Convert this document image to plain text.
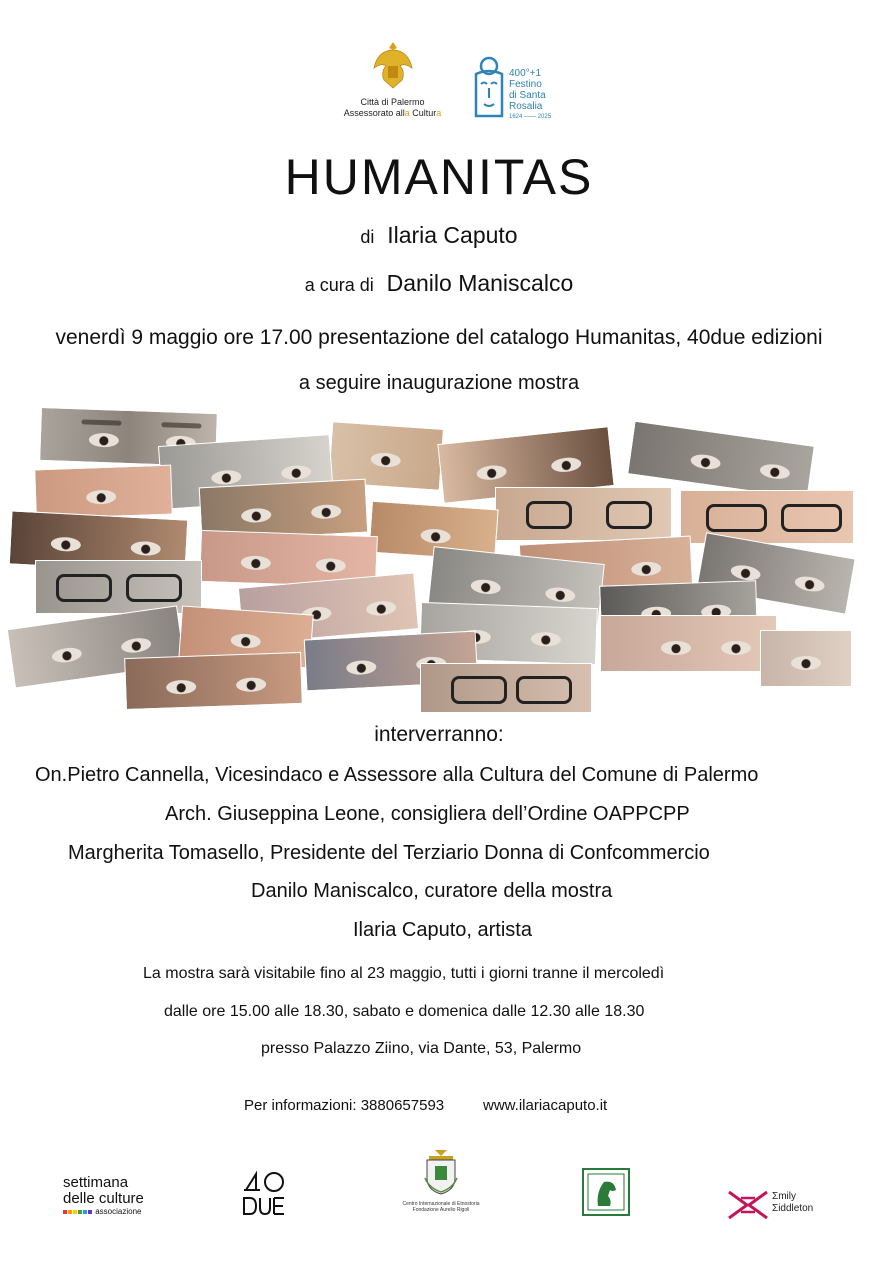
Città di Palermo
Assessorato alla Cultura
400°+1
Festino
di Santa
Rosalia
1624 —— 2025
HUMANITAS
di Ilaria Caputo
a cura di Danilo Maniscalco
venerdì 9 maggio ore 17.00 presentazione del catalogo Humanitas, 40due edizioni
a seguire inaugurazione mostra
interverranno:
On.Pietro Cannella, Vicesindaco e Assessore alla Cultura del Comune di Palermo
Arch. Giuseppina Leone, consigliera dell’Ordine OAPPCPP
Margherita Tomasello, Presidente del Terziario Donna di Confcommercio
Danilo Maniscalco, curatore della mostra
Ilaria Caputo, artista
La mostra sarà visitabile fino al 23 maggio, tutti i giorni tranne il mercoledì
dalle ore 15.00 alle 18.30, sabato e domenica dalle 12.30 alle 18.30
presso Palazzo Ziino, via Dante, 53, Palermo
Per informazioni: 3880657593	www.ilariacaputo.it
settimana
delle culture
associazione
Centro Internazionale di Etnostoria
Fondazione Aurelio Rigoli
Ʃmily
Ʃiddleton
